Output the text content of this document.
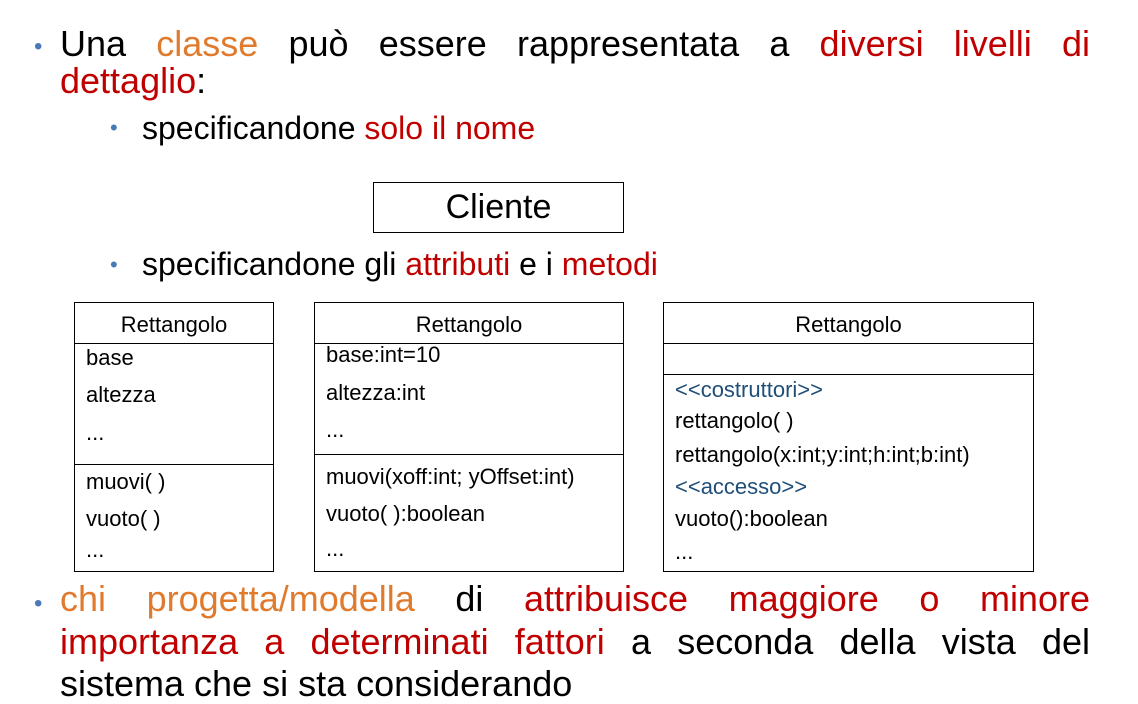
• Una classe può essere rappresentata a diversi livelli di
dettaglio:
• specificandone solo il nome
Cliente
• specificandone gli attributi e i metodi
Rettangolo
base
altezza
...
muovi( )
vuoto( )
...
Rettangolo
base:int=10
altezza:int
...
muovi(xoff:int; yOffset:int)
vuoto( ):boolean
...
Rettangolo
<<costruttori>>
rettangolo( )
rettangolo(x:int;y:int;h:int;b:int)
<<accesso>>
vuoto():boolean
...
• chi progetta/modella di attribuisce maggiore o minore
importanza a determinati fattori a seconda della vista del
sistema che si sta considerando
